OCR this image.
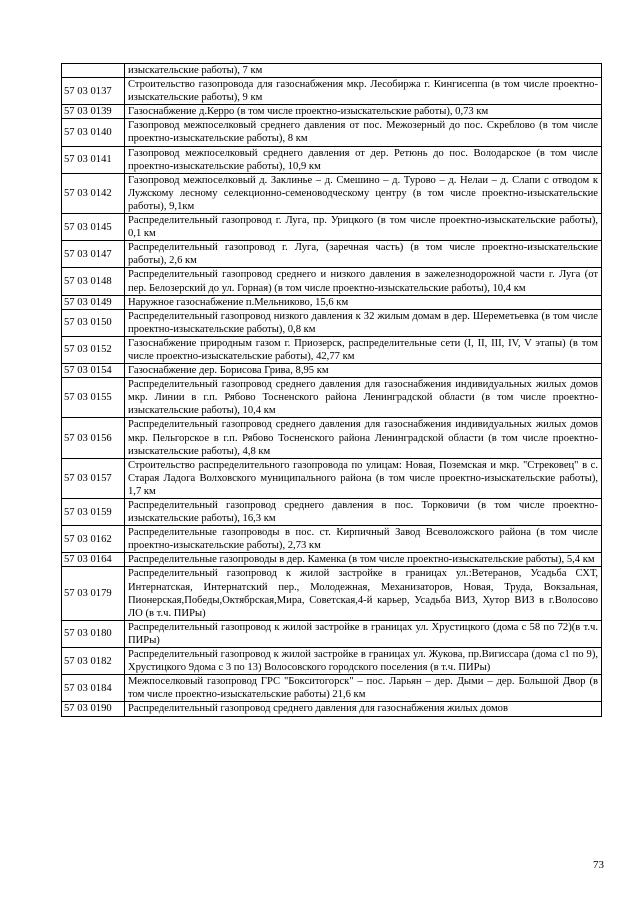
	изыскательские работы), 7 км
57 03 0137	Строительство газопровода для газоснабжения мкр. Лесобиржа г. Кингисеппа (в том числе проектно-изыскательские работы), 9 км
57 03 0139	Газоснабжение д.Керро (в том числе проектно-изыскательские работы), 0,73 км
57 03 0140	Газопровод межпоселковый среднего давления от пос. Межозерный до пос. Скреблово (в том числе проектно-изыскательские работы), 8 км
57 03 0141	Газопровод межпоселковый среднего давления от дер. Ретюнь до пос. Володарское (в том числе проектно-изыскательские работы), 10,9 км
57 03 0142	Газопровод межпоселковый д. Заклинье – д. Смешино – д. Турово – д. Нелаи – д. Слапи с отводом к Лужскому лесному селекционно-семеноводческому центру (в том числе проектно-изыскательские работы), 9,1км
57 03 0145	Распределительный газопровод г. Луга, пр. Урицкого (в том числе проектно-изыскательские работы), 0,1 км
57 03 0147	Распределительный газопровод г. Луга, (заречная часть) (в том числе проектно-изыскательские работы), 2,6 км
57 03 0148	Распределительный газопровод среднего и низкого давления в зажелезнодорожной части г. Луга (от пер. Белозерский до ул. Горная) (в том числе проектно-изыскательские работы), 10,4 км
57 03 0149	Наружное газоснабжение п.Мельниково, 15,6 км
57 03 0150	Распределительный газопровод низкого давления к 32 жилым домам в дер. Шереметьевка (в том числе проектно-изыскательские работы), 0,8 км
57 03 0152	Газоснабжение природным газом г. Приозерск, распределительные сети (I, II, III, IV, V этапы) (в том числе проектно-изыскательские работы), 42,77 км
57 03 0154	Газоснабжение дер. Борисова Грива, 8,95 км
57 03 0155	Распределительный газопровод среднего давления для газоснабжения индивидуальных жилых домов мкр. Линии в г.п. Рябово Тосненского района Ленинградской области (в том числе проектно-изыскательские работы), 10,4 км
57 03 0156	Распределительный газопровод среднего давления для газоснабжения индивидуальных жилых домов мкр. Пельгорское в г.п. Рябово Тосненского района Ленинградской области (в том числе проектно-изыскательские работы), 4,8 км
57 03 0157	Строительство распределительного газопровода по улицам: Новая, Поземская и мкр. "Стрековец" в с. Старая Ладога Волховского муниципального района (в том числе проектно-изыскательские работы), 1,7 км
57 03 0159	Распределительный газопровод среднего давления в пос. Торковичи (в том числе проектно-изыскательские работы), 16,3 км
57 03 0162	Распределительные газопроводы в пос. ст. Кирпичный Завод Всеволожского района (в том числе проектно-изыскательские работы), 2,73 км
57 03 0164	Распределительные газопроводы в дер. Каменка (в том числе проектно-изыскательские работы), 5,4 км
57 03 0179	Распределительный газопровод к жилой застройке в границах ул.:Ветеранов, Усадьба СХТ, Интернатская, Интернатский пер., Молодежная, Механизаторов, Новая, Труда, Вокзальная, Пионерская,Победы,Октябрская,Мира, Советская,4-й карьер, Усадьба ВИЗ, Хутор ВИЗ в г.Волосово ЛО (в т.ч. ПИРы)
57 03 0180	Распределительный газопровод к жилой застройке в границах ул. Хрустицкого (дома с 58 по 72)(в т.ч. ПИРы)
57 03 0182	Распределительный газопровод к жилой застройке в границах ул. Жукова, пр.Вигиссара (дома с1 по 9), Хрустицкого 9дома с 3 по 13) Волосовского городского поселения (в т.ч. ПИРы)
57 03 0184	Межпоселковый газопровод ГРС "Бокситогорск" – пос. Ларьян – дер. Дыми – дер. Большой Двор (в том числе проектно-изыскательские работы) 21,6 км
57 03 0190	Распределительный газопровод среднего давления для газоснабжения жилых домов
73
